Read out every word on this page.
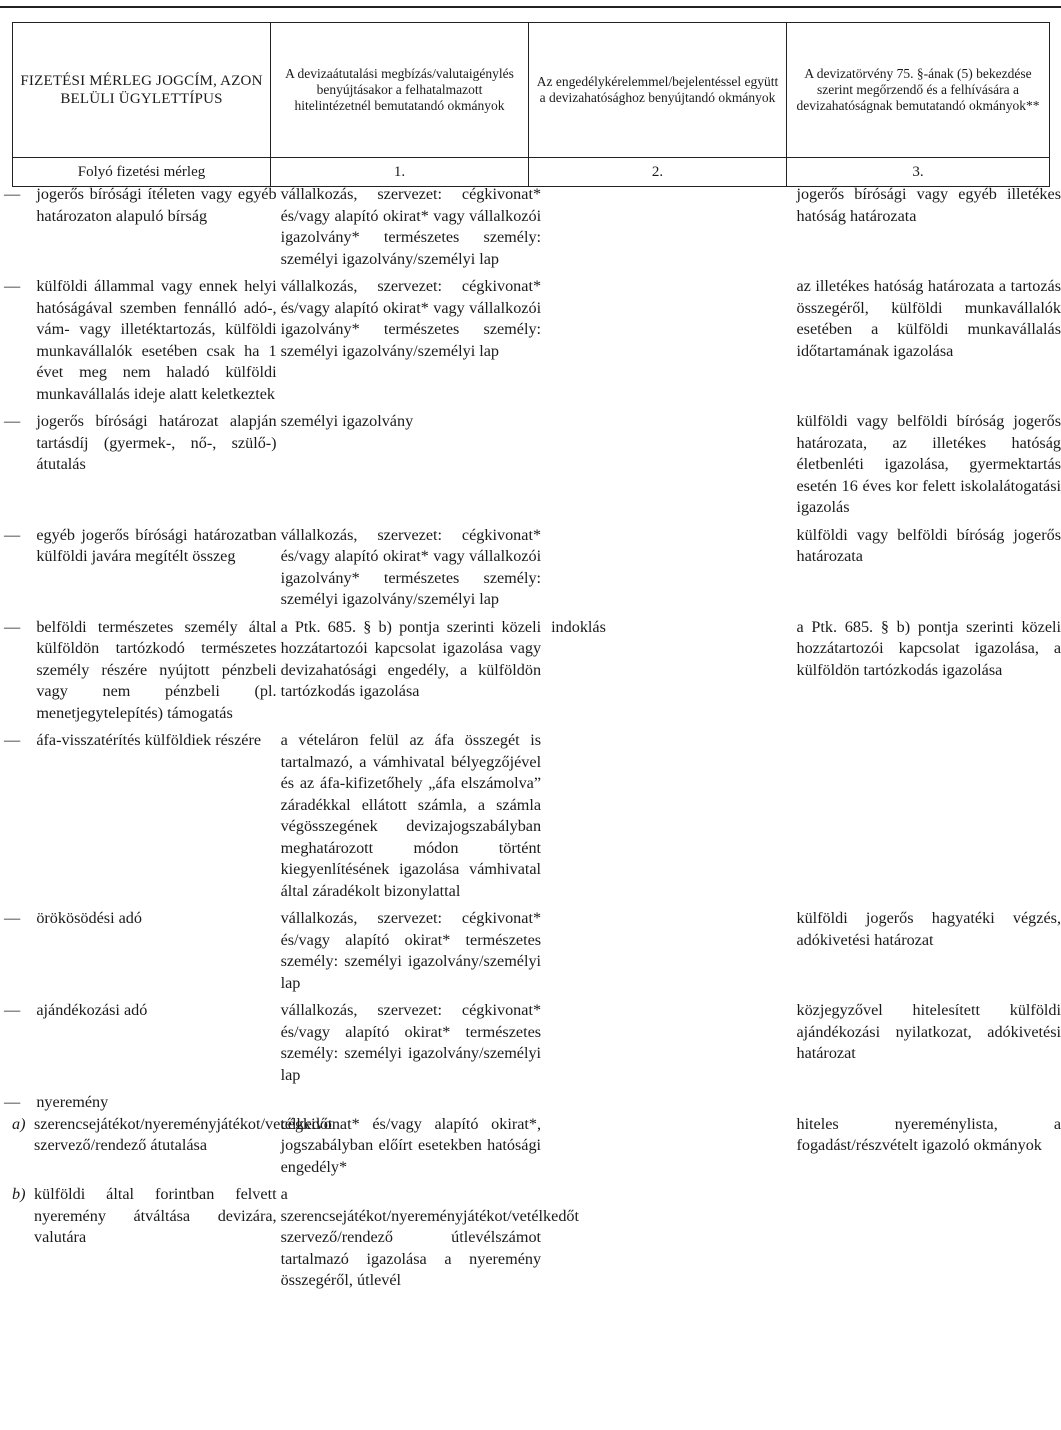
FIZETÉSI MÉRLEG JOGCÍM, AZON BELÜLI ÜGYLETTÍPUS	A devizaátutalási megbízás/valutaigénylés benyújtásakor a felhatalmazott hitelintézetnél bemutatandó okmányok	Az engedélykérelemmel/bejelentéssel együtt a devizahatósághoz benyújtandó okmányok	A devizatörvény 75. §-ának (5) bekezdése szerint megőrzendő és a felhívására a devizahatóságnak bemutatandó okmányok**
Folyó fizetési mérleg	1.	2.	3.
—	jogerős bírósági ítéleten vagy egyéb határozaton alapuló bírság	vállalkozás, szervezet: cégkivonat* és/vagy alapító okirat* vagy vállalkozói igazolvány* természetes személy: személyi igazolvány/személyi lap		jogerős bírósági vagy egyéb illetékes hatóság határozata
—	külföldi állammal vagy ennek helyi hatóságával szemben fennálló adó-, vám- vagy illetéktartozás, külföldi munkavállalók esetében csak ha 1 évet meg nem haladó külföldi munkavállalás ideje alatt keletkeztek	vállalkozás, szervezet: cégkivonat* és/vagy alapító okirat* vagy vállalkozói igazolvány* természetes személy: személyi igazolvány/személyi lap		az illetékes hatóság határozata a tartozás összegéről, külföldi munkavállalók esetében a külföldi munkavállalás időtartamának igazolása
—	jogerős bírósági határozat alapján tartásdíj (gyermek-, nő-, szülő-) átutalás	személyi igazolvány		külföldi vagy belföldi bíróság jogerős határozata, az illetékes hatóság életbenléti igazolása, gyermektartás esetén 16 éves kor felett iskolalátogatási igazolás
—	egyéb jogerős bírósági határozatban külföldi javára megítélt összeg	vállalkozás, szervezet: cégkivonat* és/vagy alapító okirat* vagy vállalkozói igazolvány* természetes személy: személyi igazolvány/személyi lap		külföldi vagy belföldi bíróság jogerős határozata
—	belföldi természetes személy által külföldön tartózkodó természetes személy részére nyújtott pénzbeli vagy nem pénzbeli (pl. menetjegytelepítés) támogatás	a Ptk. 685. § b) pontja szerinti közeli hozzátartozói kapcsolat igazolása vagy devizahatósági engedély, a külföldön tartózkodás igazolása	indoklás	a Ptk. 685. § b) pontja szerinti közeli hozzátartozói kapcsolat igazolása, a külföldön tartózkodás igazolása
—	áfa-visszatérítés külföldiek részére	a vételáron felül az áfa összegét is tartalmazó, a vámhivatal bélyegzőjével és az áfa-kifizetőhely „áfa elszámolva” záradékkal ellátott számla, a számla végösszegének devizajogszabályban meghatározott módon történt kiegyenlítésének igazolása vámhivatal által záradékolt bizonylattal		
—	örökösödési adó	vállalkozás, szervezet: cégkivonat* és/vagy alapító okirat* természetes személy: személyi igazolvány/személyi lap		külföldi jogerős hagyatéki végzés, adókivetési határozat
—	ajándékozási adó	vállalkozás, szervezet: cégkivonat* és/vagy alapító okirat* természetes személy: személyi igazolvány/személyi lap		közjegyzővel hitelesített külföldi ajándékozási nyilatkozat, adókivetési határozat
—	nyeremény			

a) szerencsejátékot/nyereményjátékot/vetélkedőt szervező/rendező átutalása		cégkivonat* és/vagy alapító okirat*, jogszabályban előírt esetekben hatósági engedély*		hiteles nyereménylista, a fogadást/részvételt igazoló okmányok

b) külföldi által forintban felvett nyeremény átváltása devizára, valutára		a szerencsejátékot/nyereményjátékot/vetélkedőt szervező/rendező útlevélszámot tartalmazó igazolása a nyeremény összegéről, útlevél		
